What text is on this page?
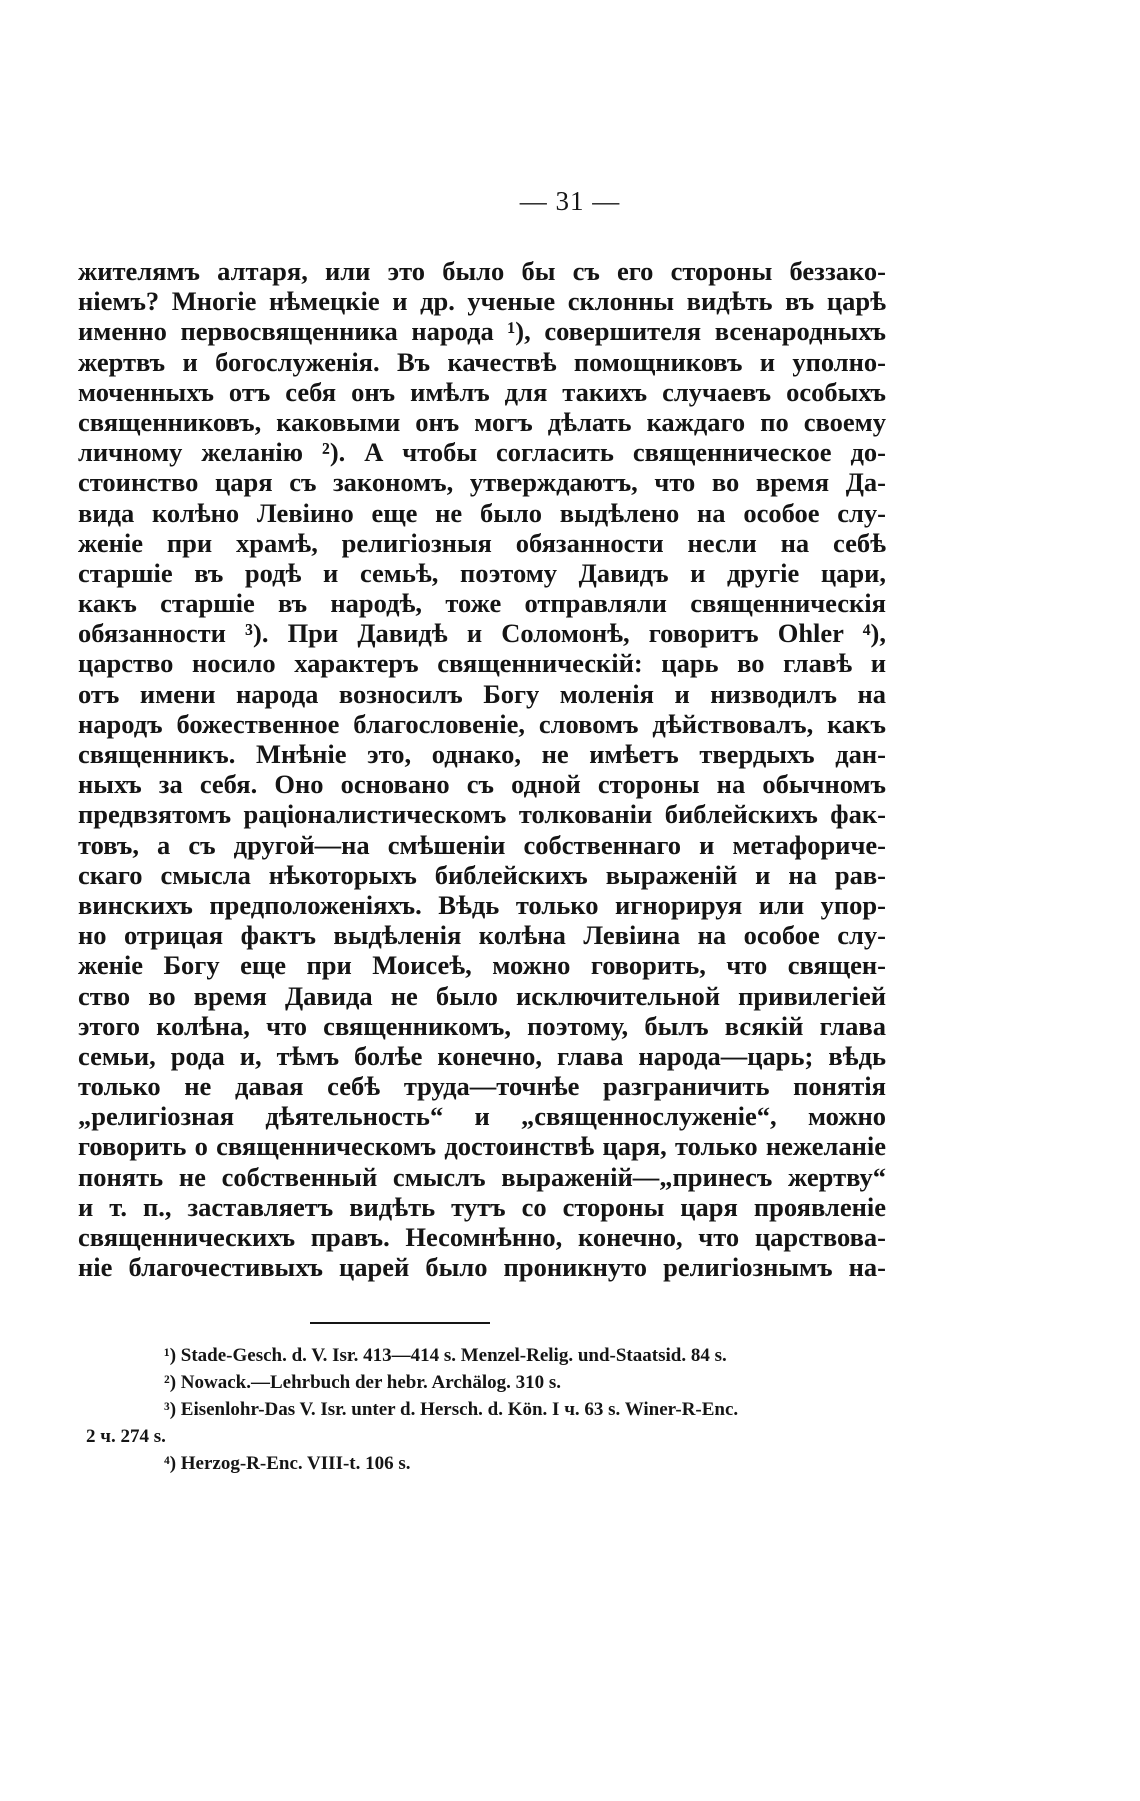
— 31 —
жителямъ алтаря, или это было бы съ его стороны беззако-
ніемъ? Многіе нѣмецкіе и др. ученые склонны видѣть въ царѣ
именно первосвященника народа ¹), совершителя всенародныхъ
жертвъ и богослуженія. Въ качествѣ помощниковъ и уполно-
моченныхъ отъ себя онъ имѣлъ для такихъ случаевъ особыхъ
священниковъ, каковыми онъ могъ дѣлать каждаго по своему
личному желанію ²). А чтобы согласить священническое до-
стоинство царя съ закономъ, утверждаютъ, что во время Да-
вида колѣно Левіино еще не было выдѣлено на особое слу-
женіе при храмѣ, религіозныя обязанности несли на себѣ
старшіе въ родѣ и семьѣ, поэтому Давидъ и другіе цари,
какъ старшіе въ народѣ, тоже отправляли священническія
обязанности ³). При Давидѣ и Соломонѣ, говоритъ Ohler ⁴),
царство носило характеръ священническій: царь во главѣ и
отъ имени народа возносилъ Богу моленія и низводилъ на
народъ божественное благословеніе, словомъ дѣйствовалъ, какъ
священникъ. Мнѣніе это, однако, не имѣетъ твердыхъ дан-
ныхъ за себя. Оно основано съ одной стороны на обычномъ
предвзятомъ раціоналистическомъ толкованіи библейскихъ фак-
товъ, а съ другой—на смѣшеніи собственнаго и метафориче-
скаго смысла нѣкоторыхъ библейскихъ выраженій и на рав-
винскихъ предположеніяхъ. Вѣдь только игнорируя или упор-
но отрицая фактъ выдѣленія колѣна Левіина на особое слу-
женіе Богу еще при Моисеѣ, можно говорить, что священ-
ство во время Давида не было исключительной привилегіей
этого колѣна, что священникомъ, поэтому, былъ всякій глава
семьи, рода и, тѣмъ болѣе конечно, глава народа—царь; вѣдь
только не давая себѣ труда—точнѣе разграничить понятія
„религіозная дѣятельность“ и „священнослуженіе“, можно
говорить о священническомъ достоинствѣ царя, только нежеланіе
понять не собственный смыслъ выраженій—„принесъ жертву“
и т. п., заставляетъ видѣть тутъ со стороны царя проявленіе
священническихъ правъ. Несомнѣнно, конечно, что царствова-
ніе благочестивыхъ царей было проникнуто религіознымъ на-
¹) Stade-Gesch. d. V. Isr. 413—414 s. Menzel-Relig. und-Staatsid. 84 s.
²) Nowack.—Lehrbuch der hebr. Archälog. 310 s.
³) Eisenlohr-Das V. Isr. unter d. Hersch. d. Kön. I ч. 63 s. Winer-R-Enc.
2 ч. 274 s.
⁴) Herzog-R-Enc. VIII-t. 106 s.
